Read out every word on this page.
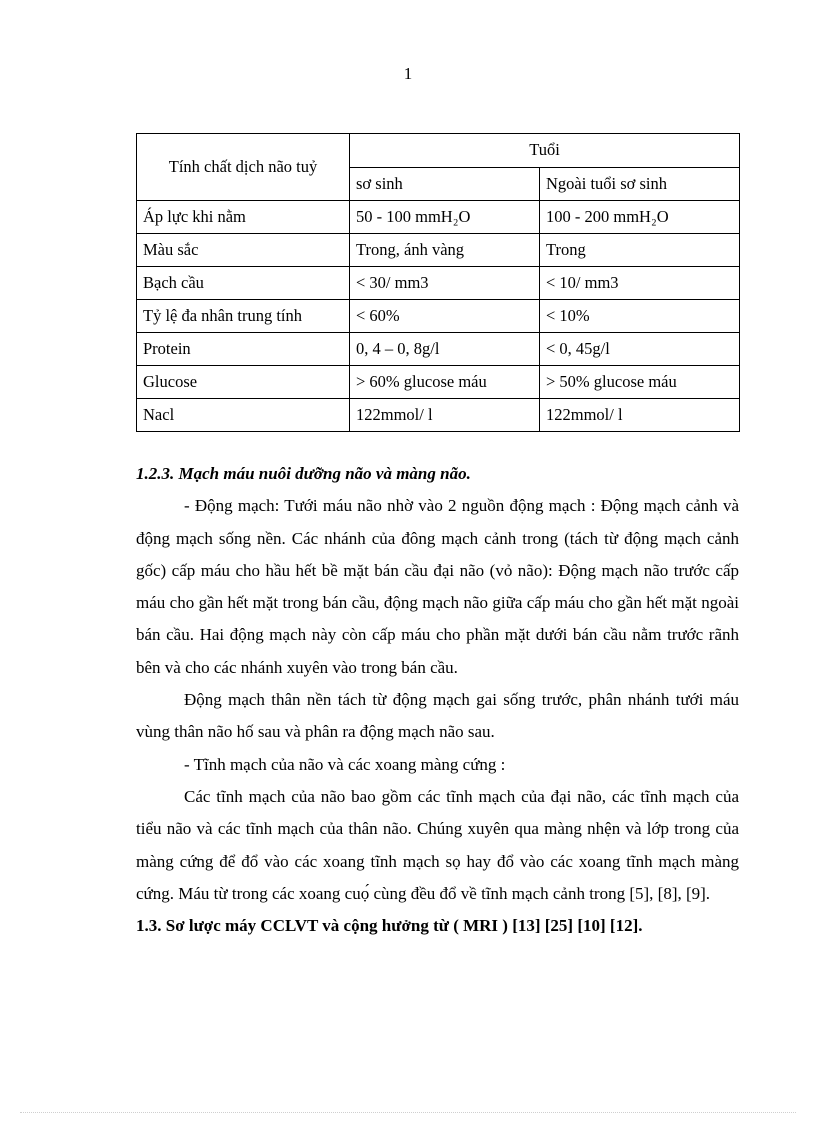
1
Tính chất dịch não tuỷ	Tuổi	
	sơ sinh	Ngoài tuổi sơ sinh
Áp lực khi nằm	50 - 100 mmH₂O	100 - 200 mmH₂O
Màu sắc	Trong, ánh vàng	Trong
Bạch cầu	< 30/ mm3	< 10/ mm3
Tỷ lệ đa nhân trung tính	< 60%	< 10%
Protein	0, 4 – 0, 8g/l	< 0, 45g/l
Glucose	> 60% glucose máu	> 50% glucose máu
Nacl	122mmol/ l	122mmol/ l

1.2.3. Mạch máu nuôi dưỡng não và màng não.

- Động mạch: Tưới máu não nhờ vào 2 nguồn động mạch : Động mạch cảnh và động mạch sống nền. Các nhánh của đông mạch cảnh trong (tách từ động mạch cảnh gốc) cấp máu cho hầu hết bề mặt bán cầu đại não (vỏ não): Động mạch não trước cấp máu cho gần hết mặt trong bán cầu, động mạch não giữa cấp máu cho gần hết mặt ngoài bán cầu. Hai động mạch này còn cấp máu cho phần mặt dưới bán cầu nằm trước rãnh bên và cho các nhánh xuyên vào trong bán cầu.

Động mạch thân nền tách từ động mạch gai sống trước, phân nhánh tưới máu vùng thân não hố sau và phân ra động mạch não sau.

- Tĩnh mạch của não và các xoang màng cứng :

Các tĩnh mạch của não bao gồm các tĩnh mạch của đại não, các tĩnh mạch của tiểu não và các tĩnh mạch của thân não. Chúng xuyên qua màng nhện và lớp trong của màng cứng để đổ vào các xoang tĩnh mạch sọ hay đổ vào các xoang tĩnh mạch màng cứng. Máu từ trong các xoang cuọ́ cùng đều đổ về tĩnh mạch cảnh trong [5], [8], [9].

1.3. Sơ lược máy CCLVT và cộng hưởng từ ( MRI ) [13] [25] [10] [12].
